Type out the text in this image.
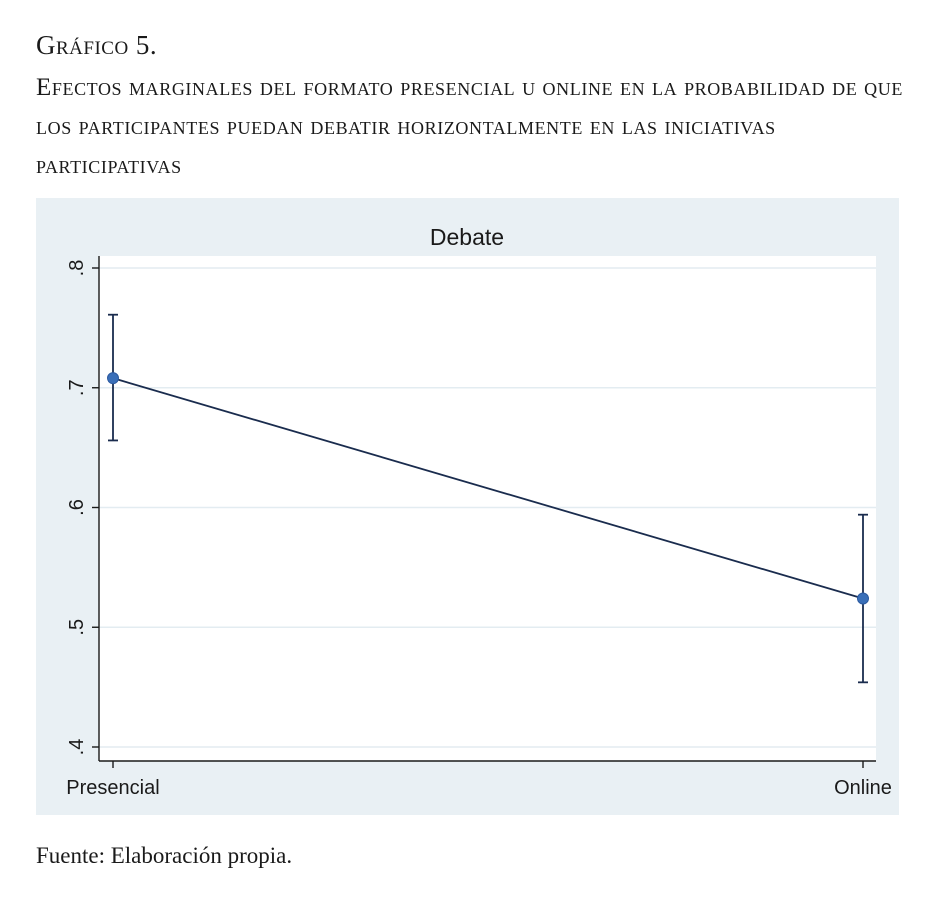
Gráfico 5.
Efectos marginales del formato presencial u online en la probabilidad de que los participantes puedan debatir horizontalmente en las iniciativas participativas
.4
.5
.6
.7
.8
Presencial	Online
Debate

Fuente: Elaboración propia.
